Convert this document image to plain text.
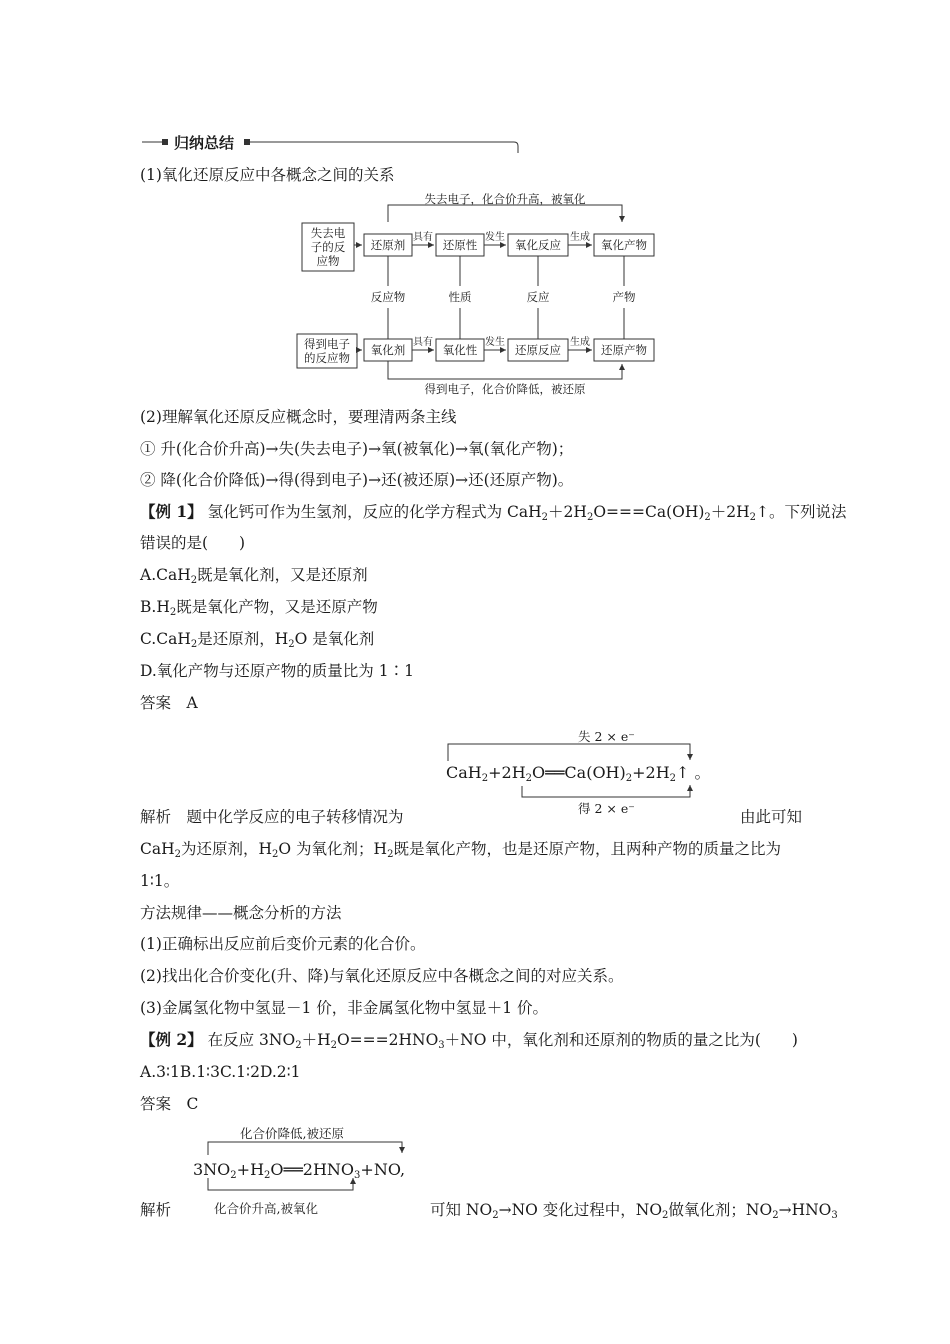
归纳总结
(1)氧化还原反应中各概念之间的关系
失去电子，化合价升高，被氧化
失去电
子的反
应物
还原剂	还原性	氧化反应	氧化产物
具有	发生	生成
反应物	性质	反应	产物
得到电子
的反应物
氧化剂	氧化性	还原反应	还原产物
具有	发生	生成
得到电子，化合价降低，被还原
(2)理解氧化还原反应概念时，要理清两条主线
① 升(化合价升高)→失(失去电子)→氧(被氧化)→氧(氧化产物)；
② 降(化合价降低)→得(得到电子)→还(被还原)→还(还原产物)。
【例 1】 氢化钙可作为生氢剂，反应的化学方程式为 $CaH_2+2H_2O===Ca(OH)_2+2H_2↑$。下列说法
错误的是(　　)
A.CaH$_2$既是氧化剂，又是还原剂
$B.H_2$既是氧化产物，又是还原产物
C.CaH$_2$是还原剂，$H_2O$ 是氧化剂
D.氧化产物与还原产物的质量比为 1∶1
答案　A
失 2 × e⁻
$CaH_2+2H_2O══Ca(OH)_2+2H_2↑$ 。
得 2 × e⁻
解析　题中化学反应的电子转移情况为	由此可知
CaH$_2$为还原剂，$H_2O$ 为氧化剂；$H_2$既是氧化产物，也是还原产物，且两种产物的质量之比为
1∶1。
方法规律——概念分析的方法
(1)正确标出反应前后变价元素的化合价。
(2)找出化合价变化(升、降)与氧化还原反应中各概念之间的对应关系。
(3)金属氢化物中氢显－1 价，非金属氢化物中氢显＋1 价。
【例 2】 在反应 $3NO_2+H_2O===2HNO_3+NO$ 中，氧化剂和还原剂的物质的量之比为(　　)
A.3∶1B.1∶3C.1∶2D.2∶1
答案　C
化合价降低,被还原
$3NO_2+H_2O══2HNO_3+NO$,
化合价升高,被氧化
解析	可知 $NO_2\to NO$ 变化过程中，$NO_2$做氧化剂；$NO_2\to HNO_3$
